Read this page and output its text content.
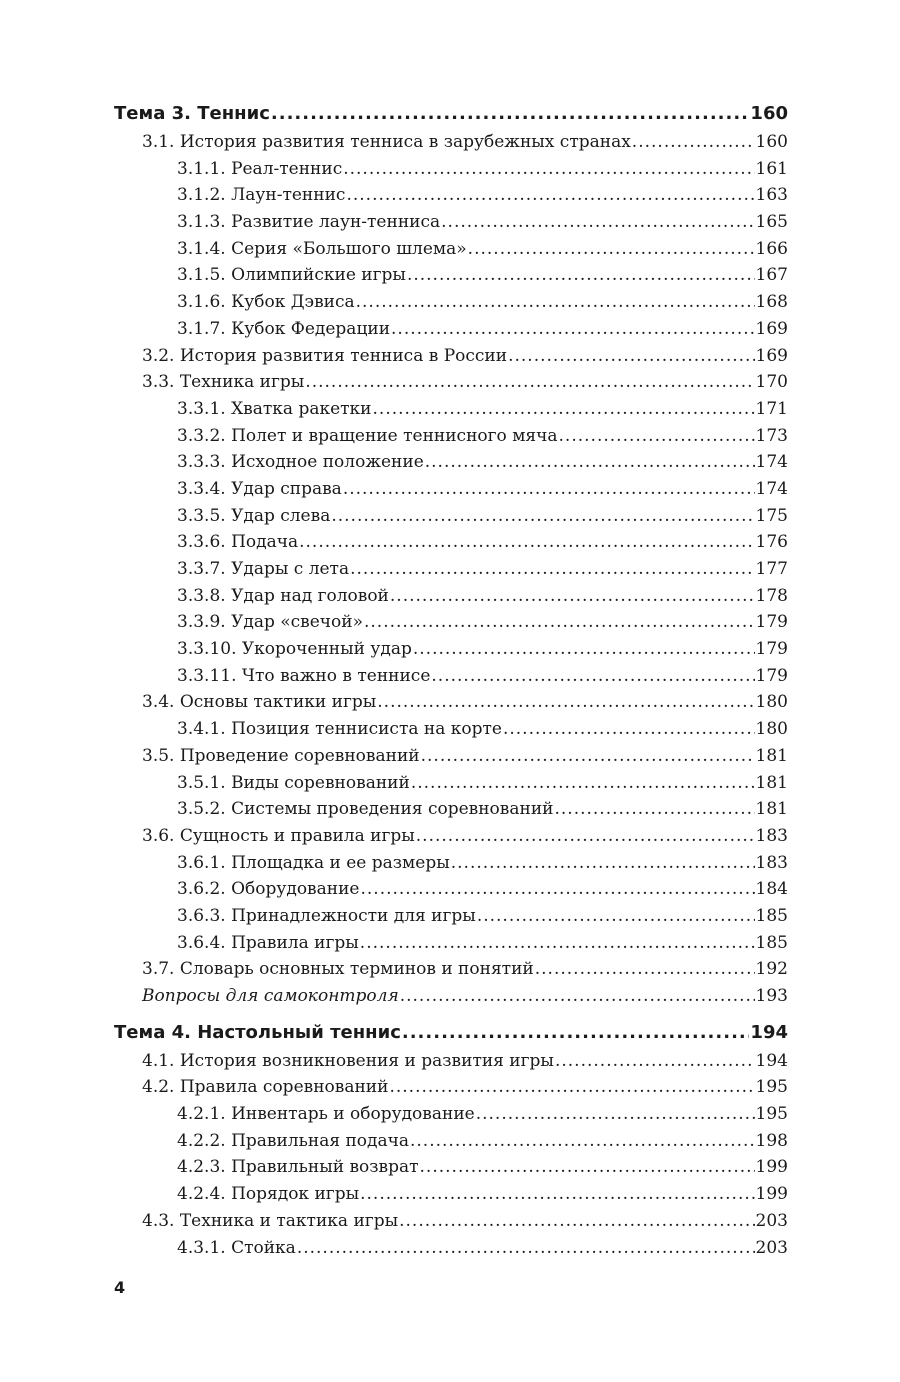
Тема 3. Теннис .....	160
3.1. История развития тенниса в зарубежных странах .....	160
3.1.1. Реал-теннис .....	161
3.1.2. Лаун-теннис .....	163
3.1.3. Развитие лаун-тенниса .....	165
3.1.4. Серия «Большого шлема» .....	166
3.1.5. Олимпийские игры .....	167
3.1.6. Кубок Дэвиса .....	168
3.1.7. Кубок Федерации .....	169
3.2. История развития тенниса в России .....	169
3.3. Техника игры .....	170
3.3.1. Хватка ракетки .....	171
3.3.2. Полет и вращение теннисного мяча .....	173
3.3.3. Исходное положение .....	174
3.3.4. Удар справа .....	174
3.3.5. Удар слева .....	175
3.3.6. Подача .....	176
3.3.7. Удары с лета .....	177
3.3.8. Удар над головой .....	178
3.3.9. Удар «свечой» .....	179
3.3.10. Укороченный удар .....	179
3.3.11. Что важно в теннисе .....	179
3.4. Основы тактики игры .....	180
3.4.1. Позиция теннисиста на корте .....	180
3.5. Проведение соревнований .....	181
3.5.1. Виды соревнований .....	181
3.5.2. Системы проведения соревнований .....	181
3.6. Сущность и правила игры .....	183
3.6.1. Площадка и ее размеры .....	183
3.6.2. Оборудование .....	184
3.6.3. Принадлежности для игры .....	185
3.6.4. Правила игры .....	185
3.7. Словарь основных терминов и понятий .....	192
Вопросы для самоконтроля .....	193
Тема 4. Настольный теннис .....	194
4.1. История возникновения и развития игры .....	194
4.2. Правила соревнований .....	195
4.2.1. Инвентарь и оборудование .....	195
4.2.2. Правильная подача .....	198
4.2.3. Правильный возврат .....	199
4.2.4. Порядок игры .....	199
4.3. Техника и тактика игры .....	203
4.3.1. Стойка .....	203
4
